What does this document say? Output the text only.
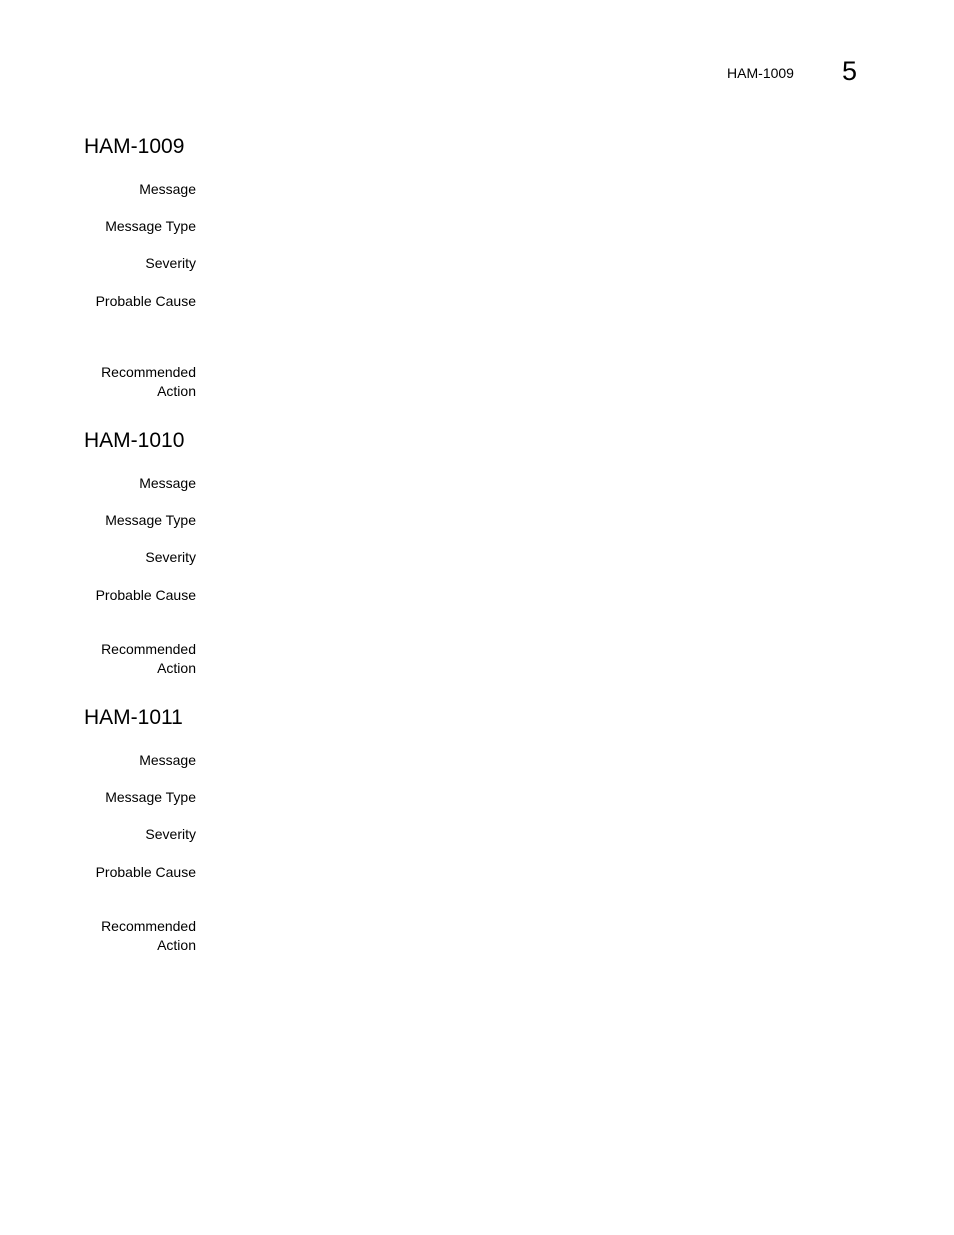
HAM-1009 5
HAM-1009
Message
Message Type
Severity
Probable Cause
Recommended
Action
HAM-1010
Message
Message Type
Severity
Probable Cause
Recommended
Action
HAM-1011
Message
Message Type
Severity
Probable Cause
Recommended
Action
